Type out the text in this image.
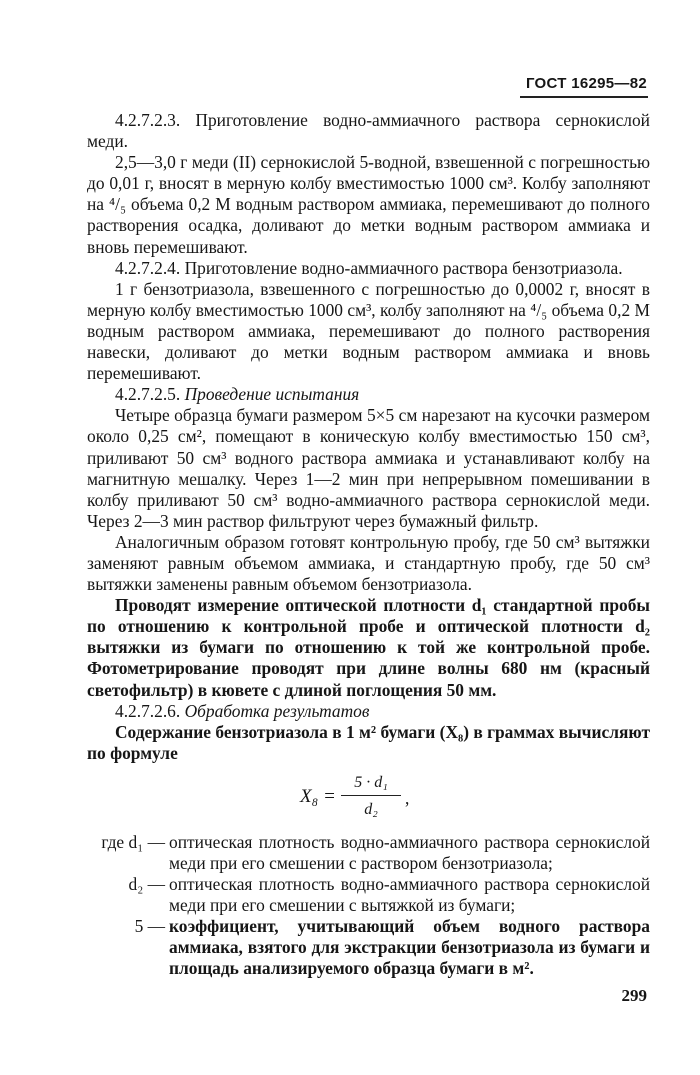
ГОСТ 16295—82

4.2.7.2.3. Приготовление водно-аммиачного раствора сернокислой меди.

2,5—3,0 г меди (II) сернокислой 5-водной, взвешенной с погрешностью до 0,01 г, вносят в мерную колбу вместимостью 1000 см³. Колбу заполняют на ⁴/₅ объема 0,2 М водным раствором аммиака, перемешивают до полного растворения осадка, доливают до метки водным раствором аммиака и вновь перемешивают.

4.2.7.2.4. Приготовление водно-аммиачного раствора бензотриазола.

1 г бензотриазола, взвешенного с погрешностью до 0,0002 г, вносят в мерную колбу вместимостью 1000 см³, колбу заполняют на ⁴/₅ объема 0,2 М водным раствором аммиака, перемешивают до полного растворения навески, доливают до метки водным раствором аммиака и вновь перемешивают.

4.2.7.2.5. Проведение испытания

Четыре образца бумаги размером 5×5 см нарезают на кусочки размером около 0,25 см², помещают в коническую колбу вместимостью 150 см³, приливают 50 см³ водного раствора аммиака и устанавливают колбу на магнитную мешалку. Через 1—2 мин при непрерывном помешивании в колбу приливают 50 см³ водно-аммиачного раствора сернокислой меди. Через 2—3 мин раствор фильтруют через бумажный фильтр.

Аналогичным образом готовят контрольную пробу, где 50 см³ вытяжки заменяют равным объемом аммиака, и стандартную пробу, где 50 см³ вытяжки заменены равным объемом бензотриазола.

Проводят измерение оптической плотности d₁ стандартной пробы по отношению к контрольной пробе и оптической плотности d₂ вытяжки из бумаги по отношению к той же контрольной пробе. Фотометрирование проводят при длине волны 680 нм (красный светофильтр) в кювете с длиной поглощения 50 мм.

4.2.7.2.6. Обработка результатов

Содержание бензотриазола в 1 м² бумаги (X₈) в граммах вычисляют по формуле

$X_8 = \frac{\text{5 · d₁}}{\text{d₂}}$ ,
где d₁ — оптическая плотность водно-аммиачного раствора сернокислой меди при его смешении с раствором бензотриазола;
d₂ — оптическая плотность водно-аммиачного раствора сернокислой меди при его смешении с вытяжкой из бумаги;
5 — коэффициент, учитывающий объем водного раствора аммиака, взятого для экстракции бензотриазола из бумаги и площадь анализируемого образца бумаги в м².
299
